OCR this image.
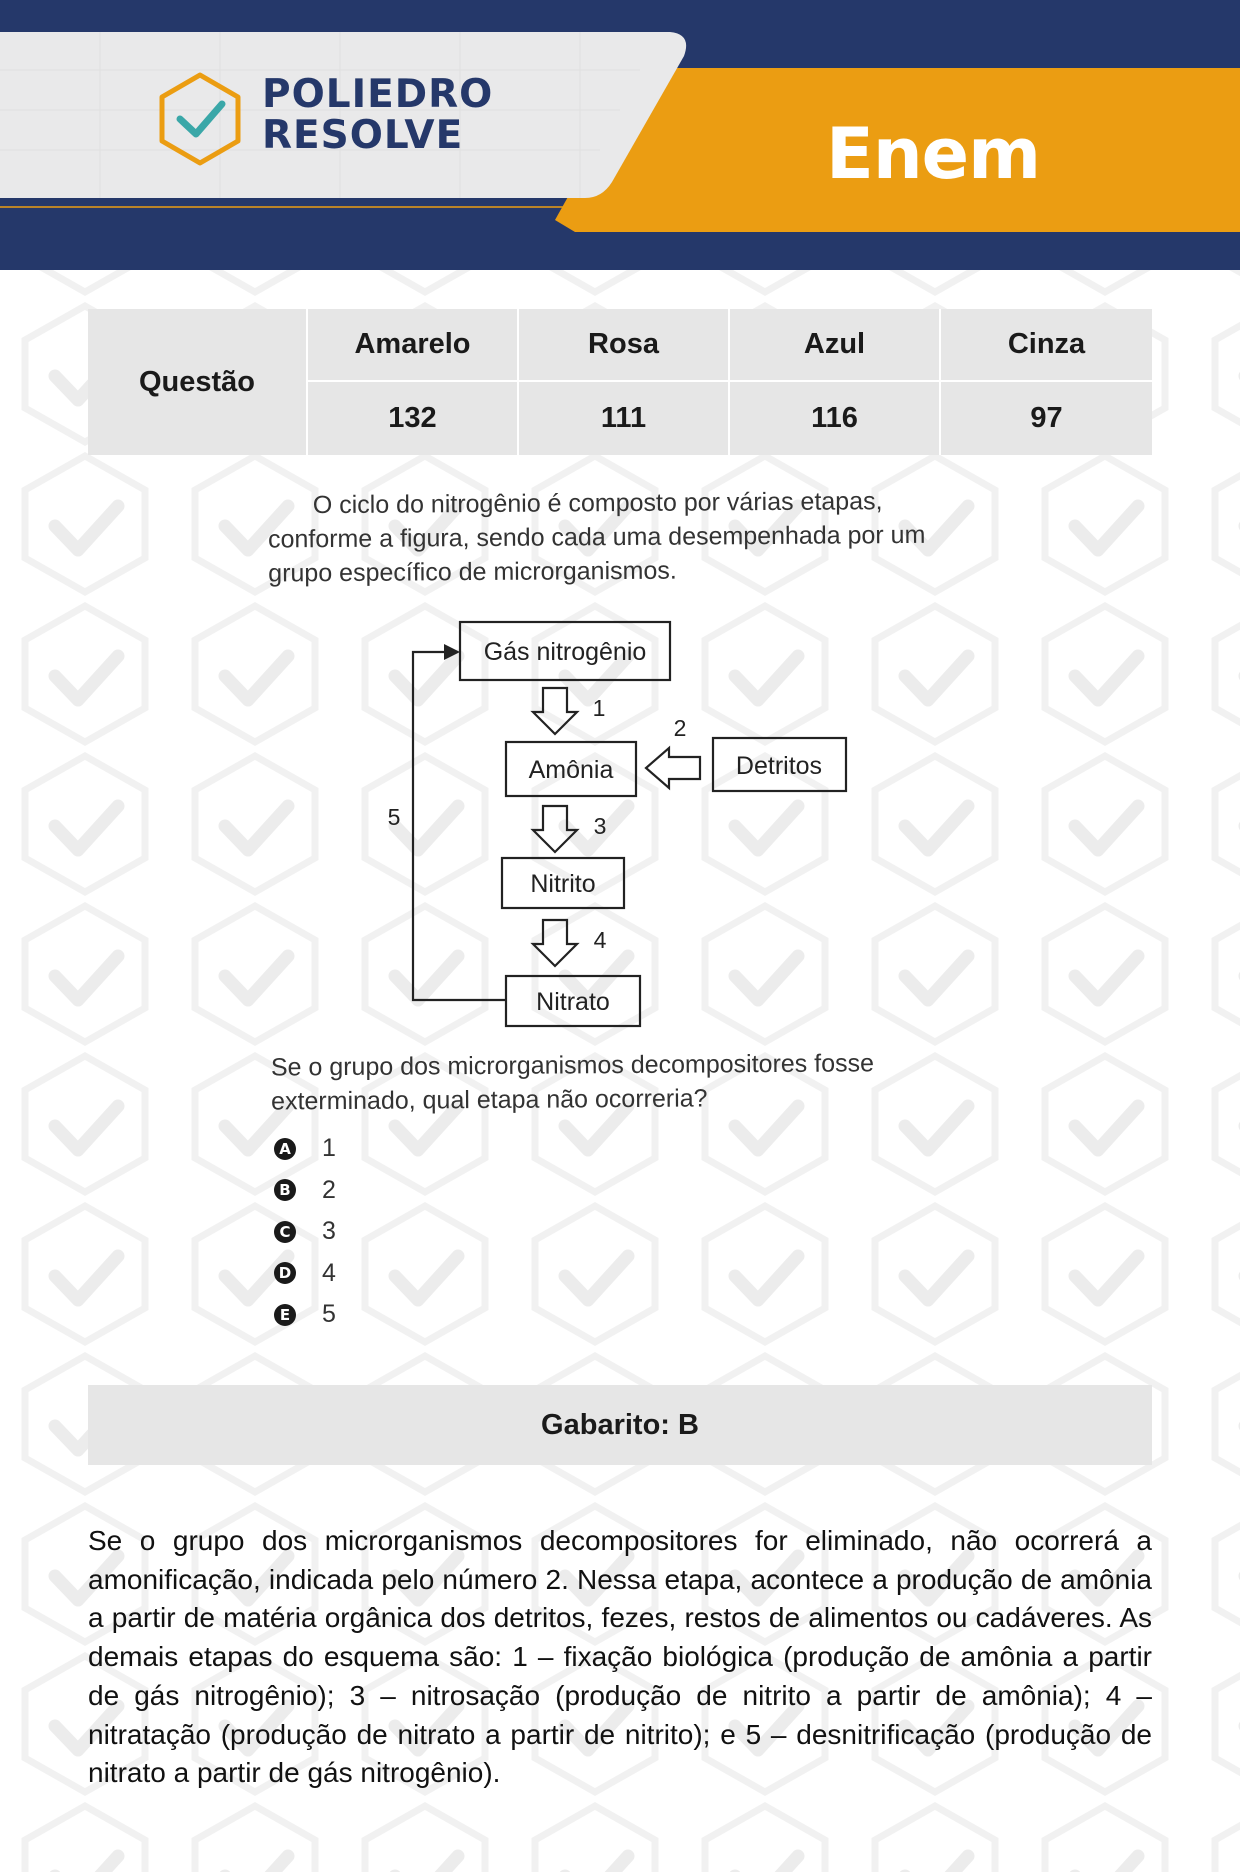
POLIEDRO
RESOLVE	Enem
Questão
Amarelo	Rosa	Azul	Cinza
132	111	116	97
O ciclo do nitrogênio é composto por várias etapas, conforme a figura, sendo cada uma desempenhada por um grupo específico de microrganismos.
Gás nitrogênio
Amônia	Detritos
Nitrito
Nitrato
1
2
3
4
5
Se o grupo dos microrganismos decompositores fosse exterminado, qual etapa não ocorreria?
A 1
B 2
C 3
D 4
E 5
Gabarito: B
Se o grupo dos microrganismos decompositores for eliminado, não ocorrerá a amonificação, indicada pelo número 2. Nessa etapa, acontece a produção de amônia a partir de matéria orgânica dos detritos, fezes, restos de alimentos ou cadáveres. As demais etapas do esquema são: 1 – fixação biológica (produção de amônia a partir de gás nitrogênio); 3 – nitrosação (produção de nitrito a partir de amônia); 4 – nitratação (produção de nitrato a partir de nitrito); e 5 – desnitrificação (produção de nitrato a partir de gás nitrogênio).
